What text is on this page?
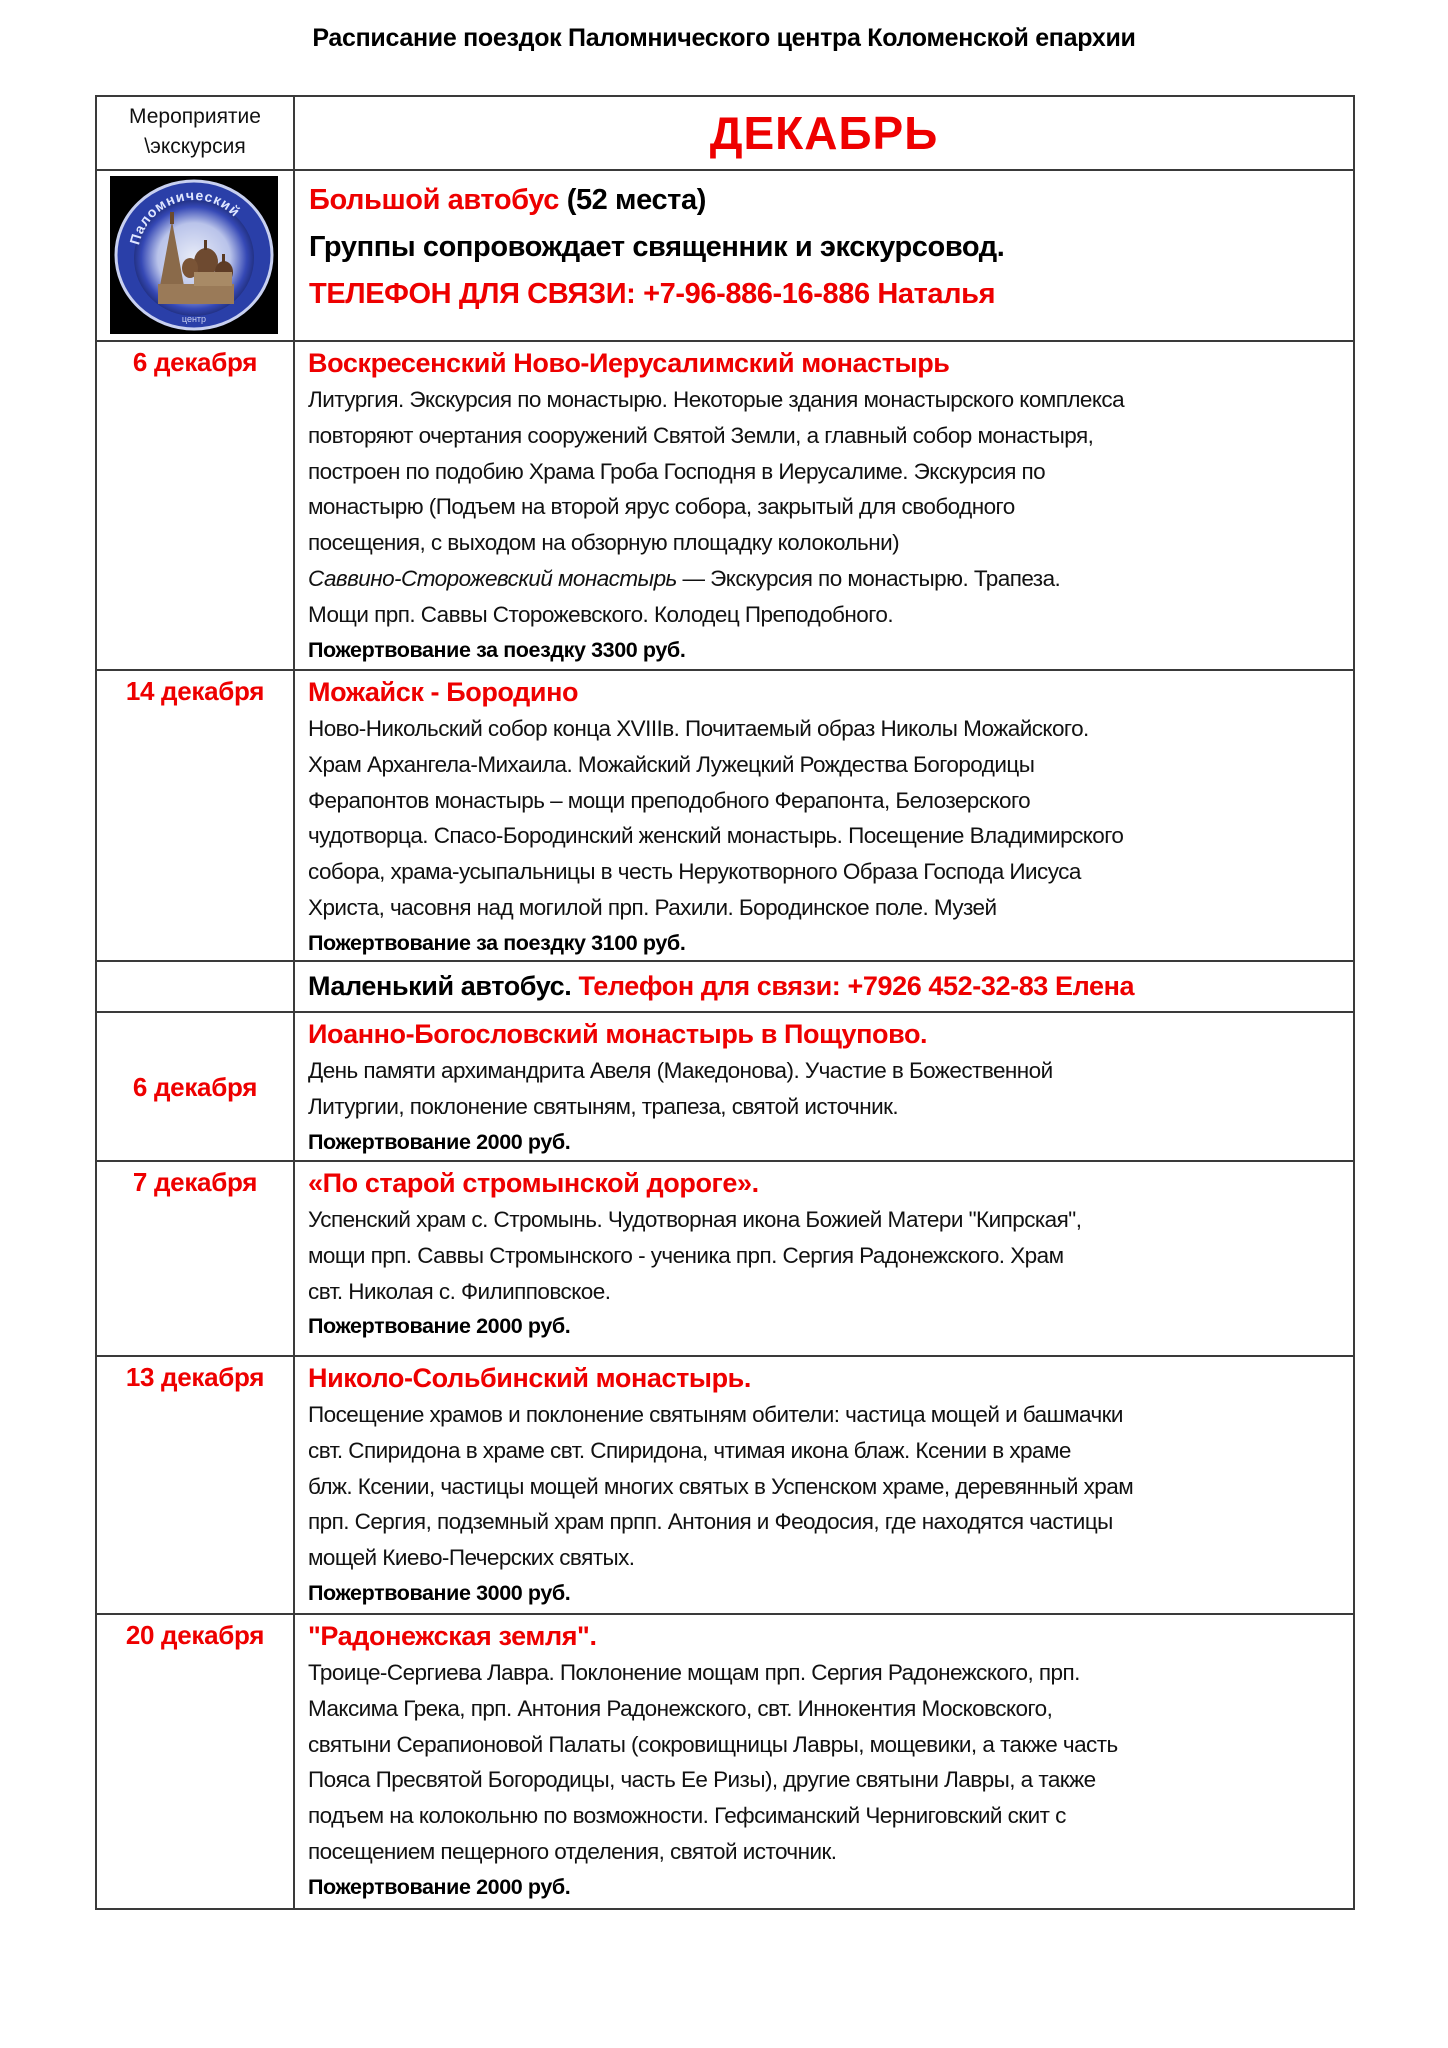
Расписание поездок Паломнического центра Коломенской епархии
Мероприятие
\экскурсия	ДЕКАБРЬ

Паломнический
центр

Большой автобус (52 места)
Группы сопровождает священник и экскурсовод.
ТЕЛЕФОН ДЛЯ СВЯЗИ: +7-96-886-16-886 Наталья

6 декабря	Воскресенский Ново-Иерусалимский монастырь
Литургия. Экскурсия по монастырю. Некоторые здания монастырского комплекса
повторяют очертания сооружений Святой Земли, а главный собор монастыря,
построен по подобию Храма Гроба Господня в Иерусалиме. Экскурсия по
монастырю (Подъем на второй ярус собора, закрытый для свободного
посещения, с выходом на обзорную площадку колокольни)
Саввино-Сторожевский монастырь — Экскурсия по монастырю. Трапеза.
Мощи прп. Саввы Сторожевского. Колодец Преподобного.
Пожертвование за поездку 3300 руб.

14 декабря	Можайск - Бородино
Ново-Никольский собор конца XVIIIв. Почитаемый образ Николы Можайского.
Храм Архангела-Михаила. Можайский Лужецкий Рождества Богородицы
Ферапонтов монастырь – мощи преподобного Ферапонта, Белозерского
чудотворца. Спасо-Бородинский женский монастырь. Посещение Владимирского
собора, храма-усыпальницы в честь Нерукотворного Образа Господа Иисуса
Христа, часовня над могилой прп. Рахили. Бородинское поле. Музей
Пожертвование за поездку 3100 руб.

	Маленький автобус. Телефон для связи: +7926 452-32-83 Елена

6 декабря	Иоанно-Богословский монастырь в Пощупово.
День памяти архимандрита Авеля (Македонова). Участие в Божественной
Литургии, поклонение святыням, трапеза, святой источник.
Пожертвование 2000 руб.

7 декабря	«По старой стромынской дороге».
Успенский храм с. Стромынь. Чудотворная икона Божией Матери "Кипрская",
мощи прп. Саввы Стромынского - ученика прп. Сергия Радонежского. Храм
свт. Николая с. Филипповское.
Пожертвование 2000 руб.

13 декабря	Николо-Сольбинский монастырь.
Посещение храмов и поклонение святыням обители: частица мощей и башмачки
свт. Спиридона в храме свт. Спиридона, чтимая икона блаж. Ксении в храме
блж. Ксении, частицы мощей многих святых в Успенском храме, деревянный храм
прп. Сергия, подземный храм прпп. Антония и Феодосия, где находятся частицы
мощей Киево-Печерских святых.
Пожертвование 3000 руб.

20 декабря	"Радонежская земля".
Троице-Сергиева Лавра. Поклонение мощам прп. Сергия Радонежского, прп.
Максима Грека, прп. Антония Радонежского, свт. Иннокентия Московского,
святыни Серапионовой Палаты (сокровищницы Лавры, мощевики, а также часть
Пояса Пресвятой Богородицы, часть Ее Ризы), другие святыни Лавры, а также
подъем на колокольню по возможности. Гефсиманский Черниговский скит с
посещением пещерного отделения, святой источник.
Пожертвование 2000 руб.
